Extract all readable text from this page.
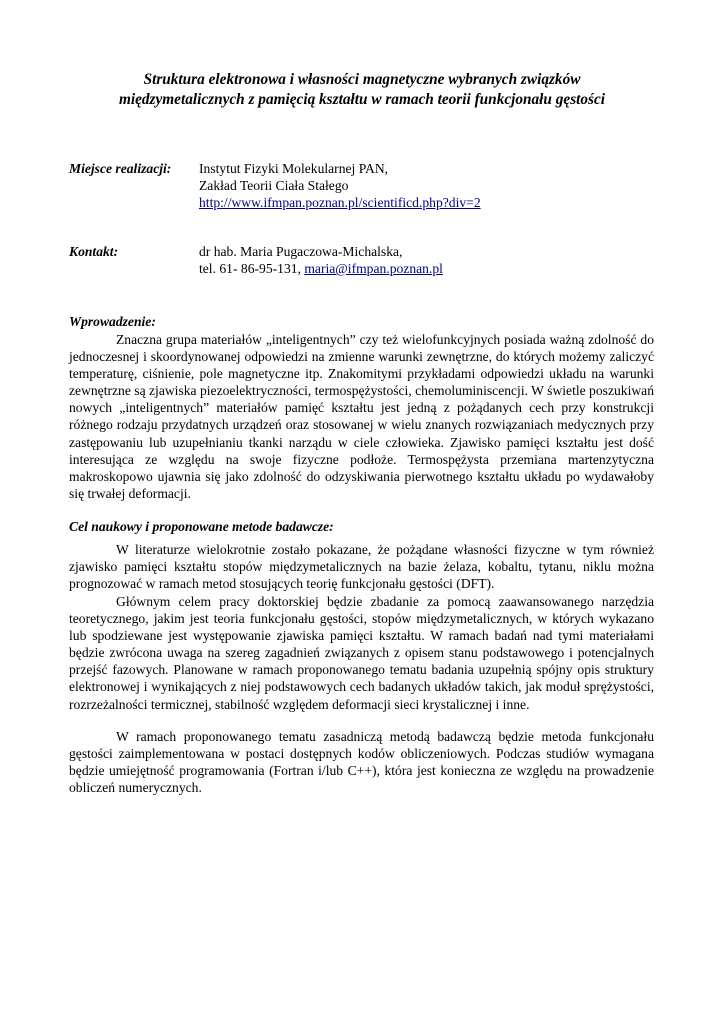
Struktura elektronowa i własności magnetyczne wybranych związków
międzymetalicznych z pamięcią kształtu w ramach teorii funkcjonału gęstości

Miejsce realizacji: Instytut Fizyki Molekularnej PAN,
Zakład Teorii Ciała Stałego
http://www.ifmpan.poznan.pl/scientificd.php?div=2

Kontakt:	dr hab. Maria Pugaczowa-Michalska,
tel. 61- 86-95-131, maria@ifmpan.poznan.pl

Wprowadzenie:

Znaczna grupa materiałów „inteligentnych” czy też wielofunkcyjnych posiada ważną zdolność do jednoczesnej i skoordynowanej odpowiedzi na zmienne warunki zewnętrzne, do których możemy zaliczyć temperaturę, ciśnienie, pole magnetyczne itp. Znakomitymi przykładami odpowiedzi układu na warunki zewnętrzne są zjawiska piezoelektryczności, termospężystości, chemoluminiscencji. W świetle poszukiwań nowych „inteligentnych” materiałów pamięć kształtu jest jedną z pożądanych cech przy konstrukcji różnego rodzaju przydatnych urządzeń oraz stosowanej w wielu znanych rozwiązaniach medycznych przy zastępowaniu lub uzupełnianiu tkanki narządu w ciele człowieka. Zjawisko pamięci kształtu jest dość interesująca ze względu na swoje fizyczne podłoże. Termospężysta przemiana martenzytyczna makroskopowo ujawnia się jako zdolność do odzyskiwania pierwotnego kształtu układu po wydawałoby się trwałej deformacji.

Cel naukowy i proponowane metode badawcze:

W literaturze wielokrotnie zostało pokazane, że pożądane własności fizyczne w tym również zjawisko pamięci kształtu stopów międzymetalicznych na bazie żelaza, kobaltu, tytanu, niklu można prognozować w ramach metod stosujących teorię funkcjonału gęstości (DFT).

Głównym celem pracy doktorskiej będzie zbadanie za pomocą zaawansowanego narzędzia teoretycznego, jakim jest teoria funkcjonału gęstości, stopów międzymetalicznych, w których wykazano lub spodziewane jest występowanie zjawiska pamięci kształtu. W ramach badań nad tymi materiałami będzie zwrócona uwaga na szereg zagadnień związanych z opisem stanu podstawowego i potencjalnych przejść fazowych. Planowane w ramach proponowanego tematu badania uzupełnią spójny opis struktury elektronowej i wynikających z niej podstawowych cech badanych układów takich, jak moduł sprężystości, rozrzeżalności termicznej, stabilność względem deformacji sieci krystalicznej i inne.

W ramach proponowanego tematu zasadniczą metodą badawczą będzie metoda funkcjonału gęstości zaimplementowana w postaci dostępnych kodów obliczeniowych. Podczas studiów wymagana będzie umiejętność programowania (Fortran i/lub C++), która jest konieczna ze względu na prowadzenie obliczeń numerycznych.
